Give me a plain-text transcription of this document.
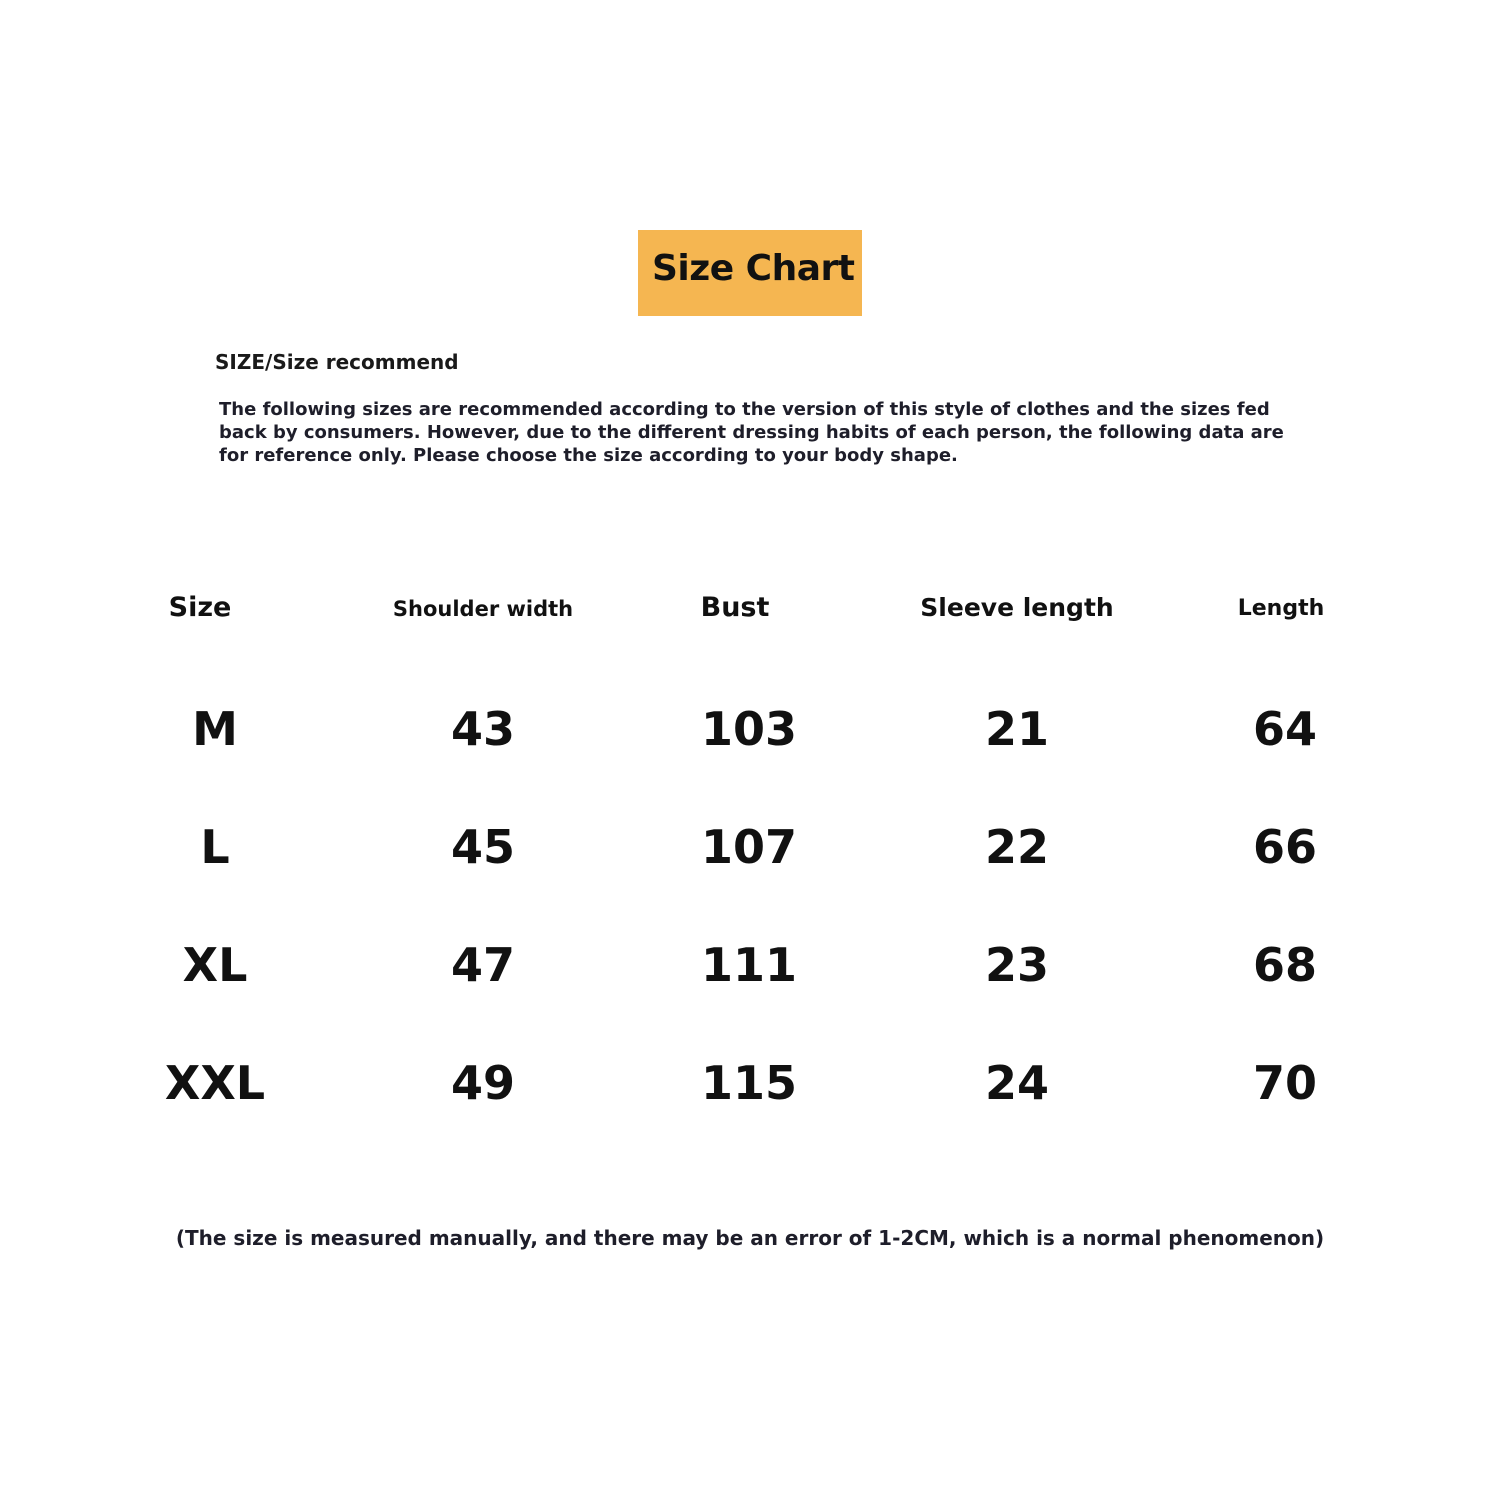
Size Chart
SIZE/Size recommend
The following sizes are recommended according to the version of this style of clothes and the sizes fed back by consumers. However, due to the different dressing habits of each person, the following data are for reference only. Please choose the size according to your body shape.
Size	Shoulder width	Bust	Sleeve length	Length
M	43	103	21	64
L	45	107	22	66
XL	47	111	23	68
XXL	49	115	24	70
(The size is measured manually, and there may be an error of 1-2CM, which is a normal phenomenon)
